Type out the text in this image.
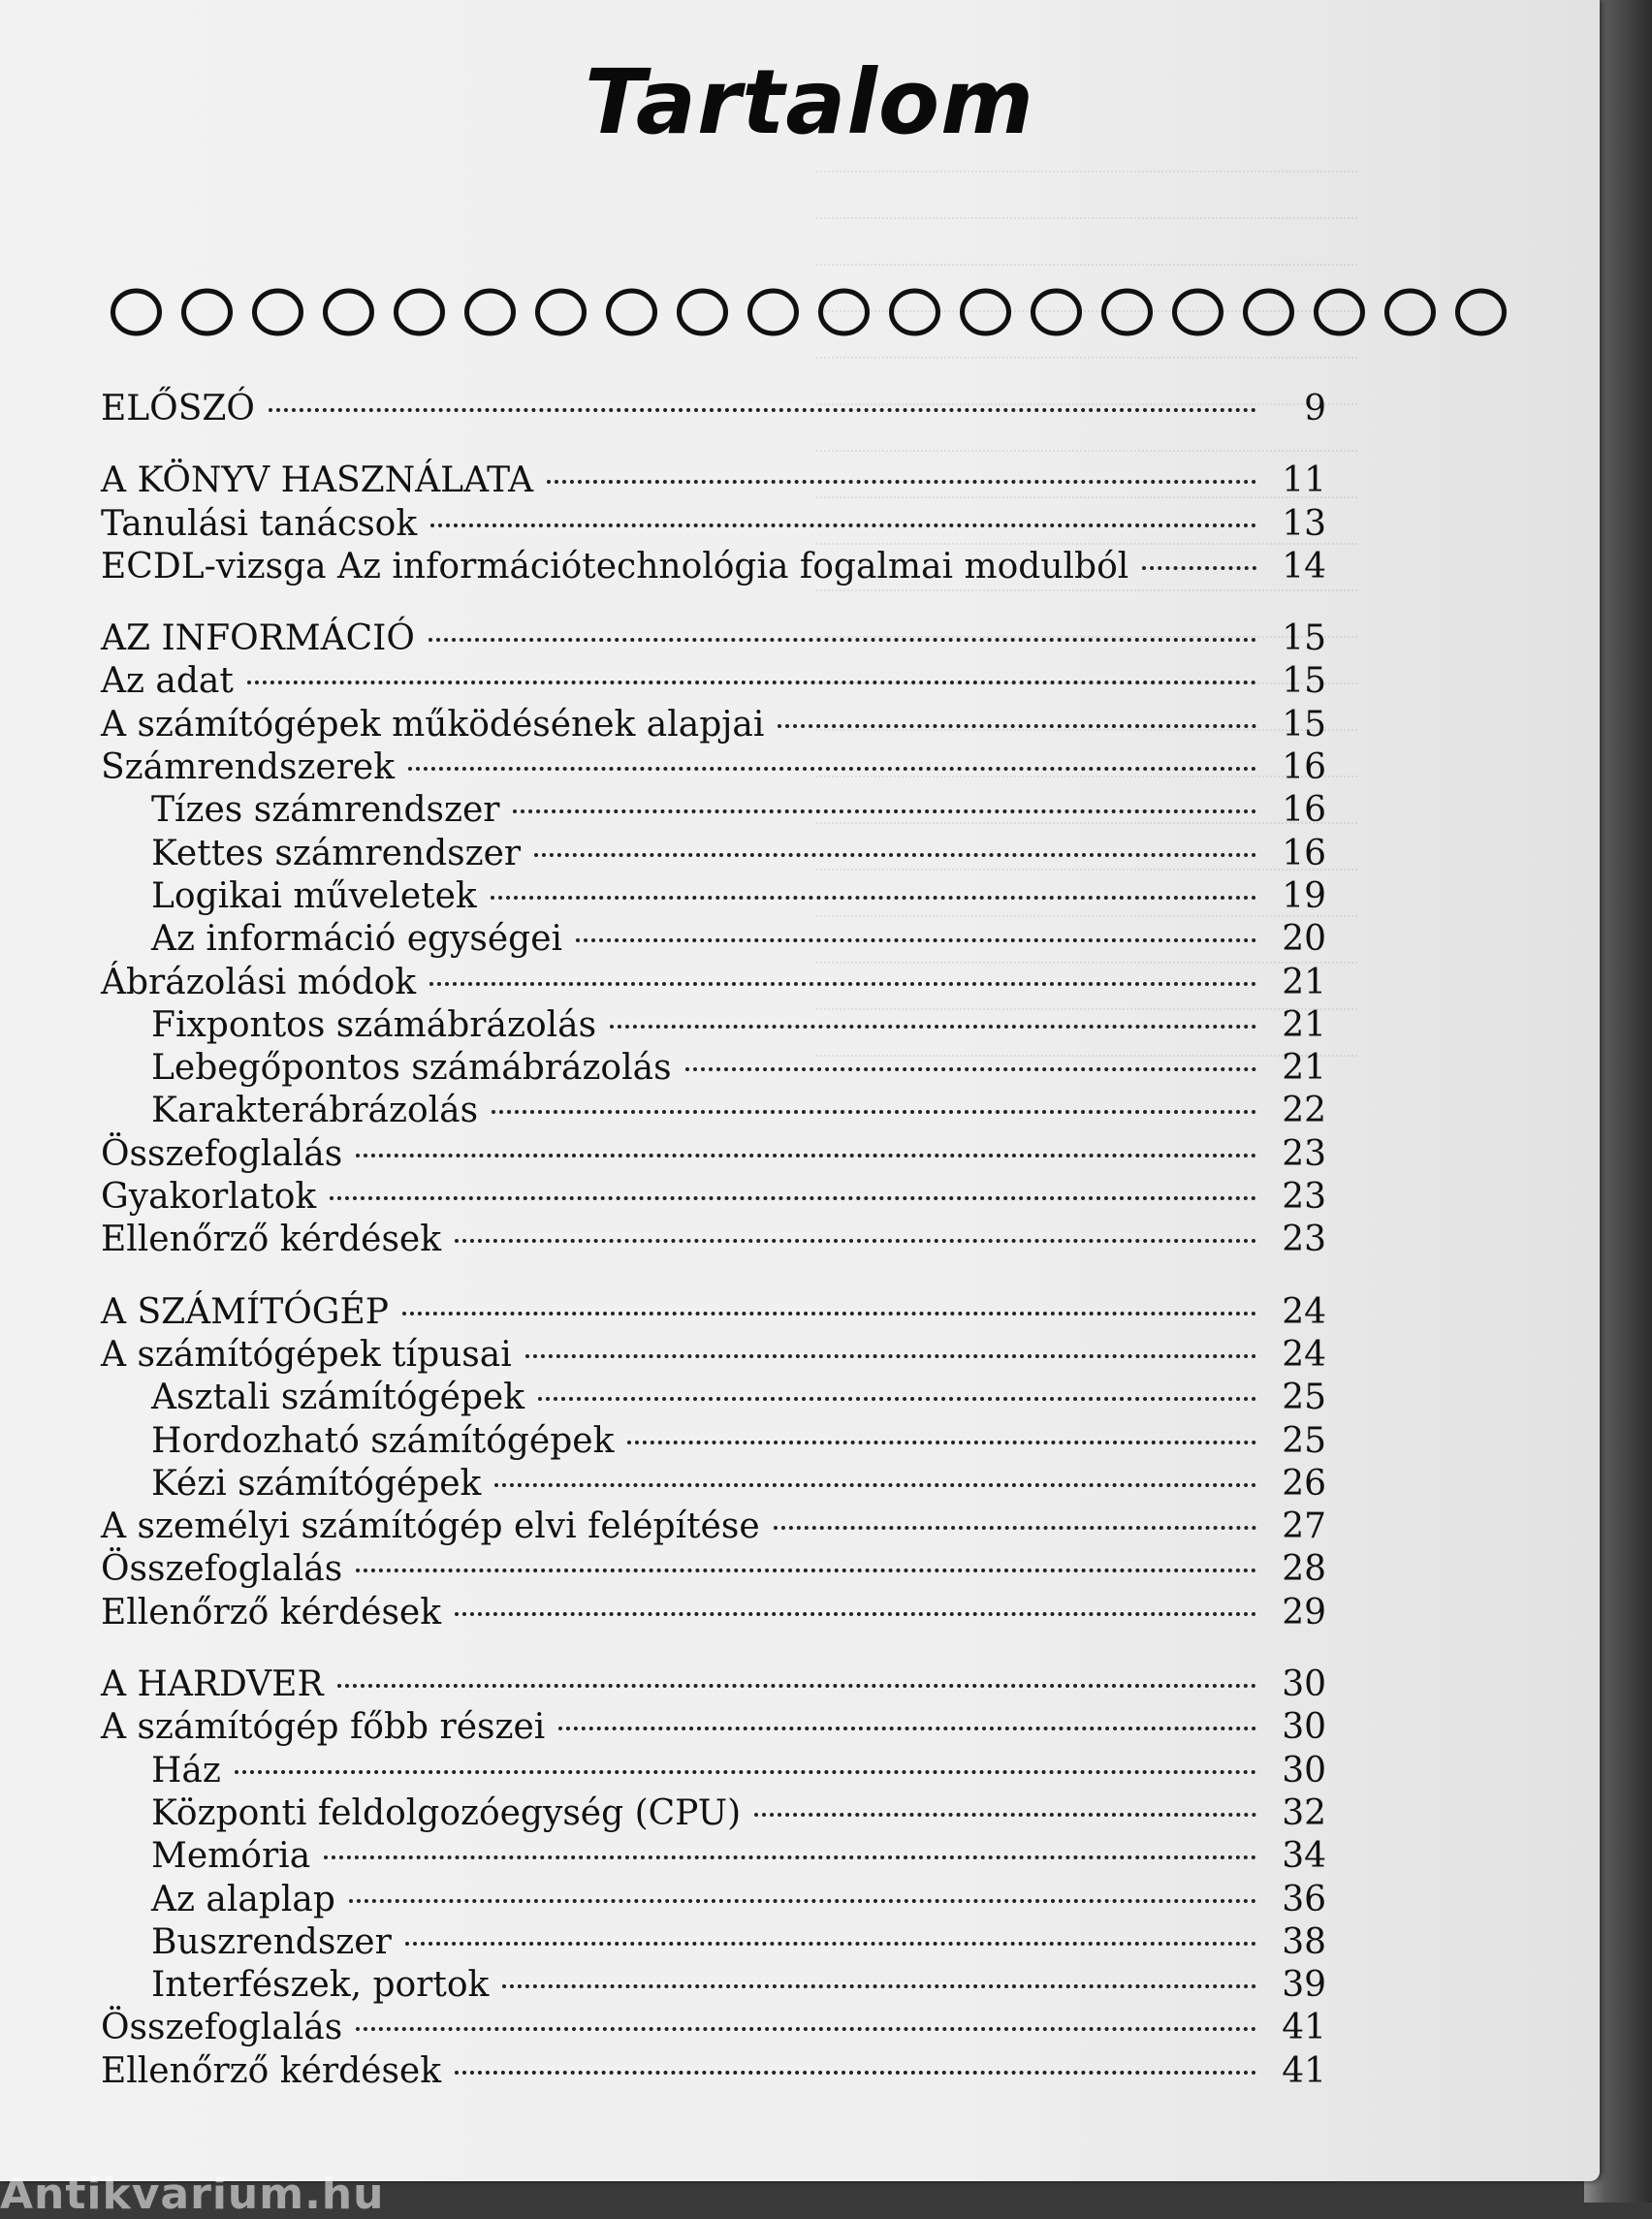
Tartalom
ELŐSZÓ	9
A KÖNYV HASZNÁLATA	11
Tanulási tanácsok	13
ECDL-vizsga Az információtechnológia fogalmai modulból	14
AZ INFORMÁCIÓ	15
Az adat	15
A számítógépek működésének alapjai	15
Számrendszerek	16
Tízes számrendszer	16
Kettes számrendszer	16
Logikai műveletek	19
Az információ egységei	20
Ábrázolási módok	21
Fixpontos számábrázolás	21
Lebegőpontos számábrázolás	21
Karakterábrázolás	22
Összefoglalás	23
Gyakorlatok	23
Ellenőrző kérdések	23
A SZÁMÍTÓGÉP	24
A számítógépek típusai	24
Asztali számítógépek	25
Hordozható számítógépek	25
Kézi számítógépek	26
A személyi számítógép elvi felépítése	27
Összefoglalás	28
Ellenőrző kérdések	29
A HARDVER	30
A számítógép főbb részei	30
Ház	30
Központi feldolgozóegység (CPU)	32
Memória	34
Az alaplap	36
Buszrendszer	38
Interfészek, portok	39
Összefoglalás	41
Ellenőrző kérdések	41
Antikvarium.hu
